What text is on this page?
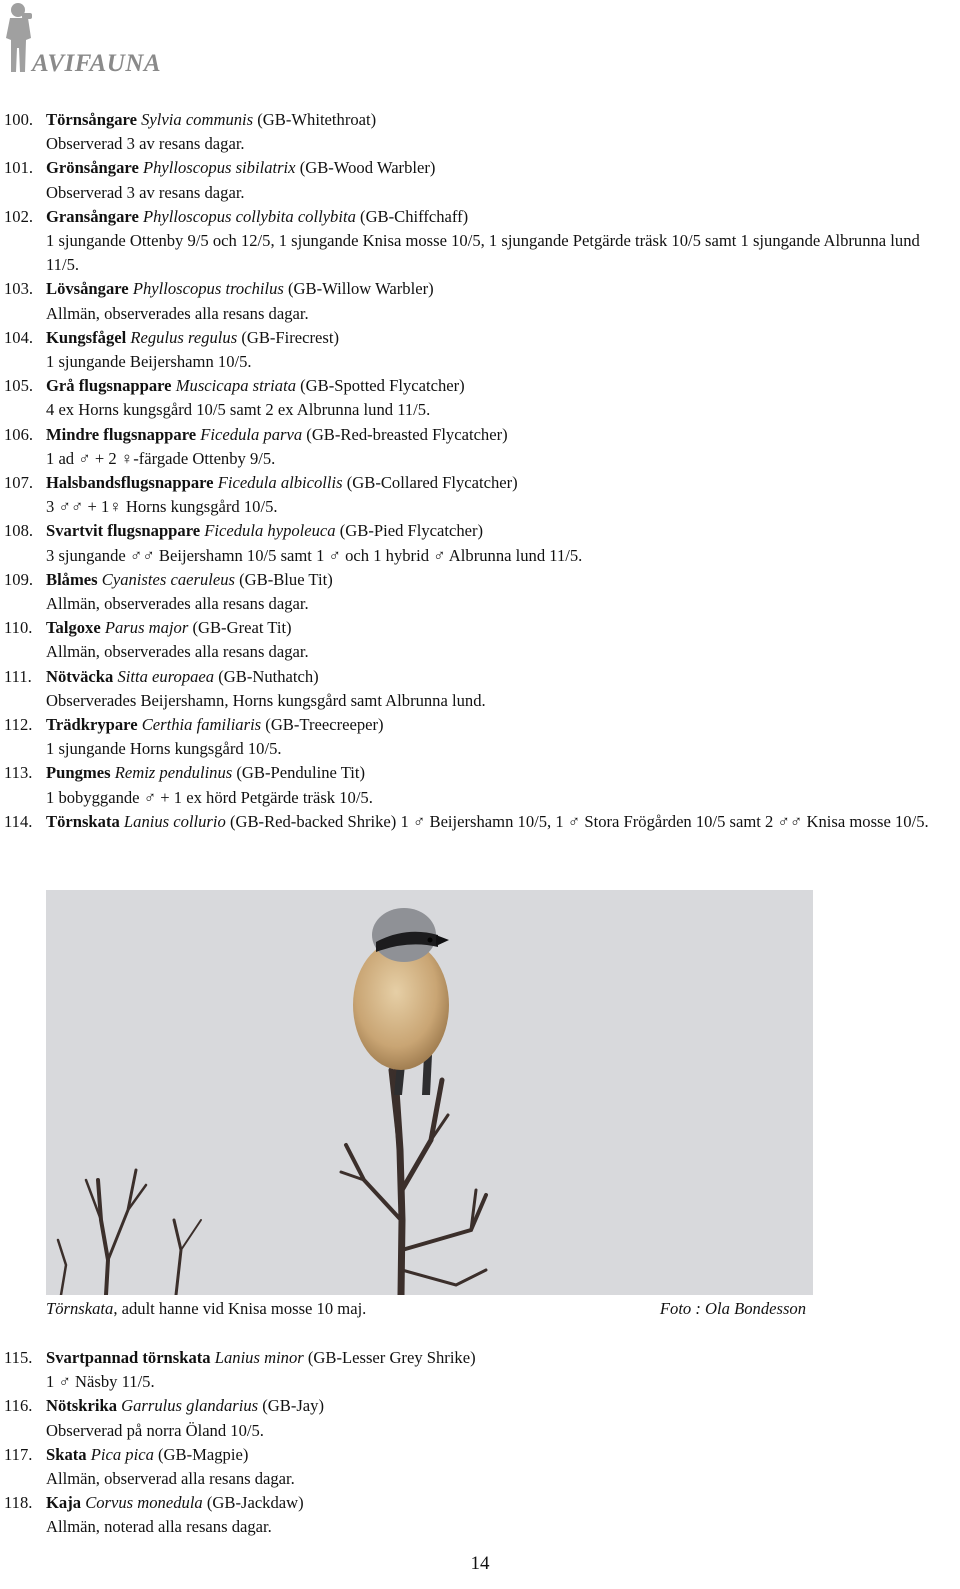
AVIFAUNA
100. Törnsångare Sylvia communis (GB-Whitethroat)
Observerad 3 av resans dagar.
101. Grönsångare Phylloscopus sibilatrix (GB-Wood Warbler)
Observerad 3 av resans dagar.
102. Gransångare Phylloscopus collybita collybita (GB-Chiffchaff)
1 sjungande Ottenby 9/5 och 12/5, 1 sjungande Knisa mosse 10/5, 1 sjungande Petgärde träsk 10/5 samt 1 sjungande Albrunna lund 11/5.
103. Lövsångare Phylloscopus trochilus (GB-Willow Warbler)
Allmän, observerades alla resans dagar.
104. Kungsfågel Regulus regulus (GB-Firecrest)
1 sjungande Beijershamn 10/5.
105. Grå flugsnappare Muscicapa striata (GB-Spotted Flycatcher)
4 ex Horns kungsgård 10/5 samt 2 ex Albrunna lund 11/5.
106. Mindre flugsnappare Ficedula parva (GB-Red-breasted Flycatcher)
1 ad ♂ + 2 ♀-färgade Ottenby 9/5.
107. Halsbandsflugsnappare Ficedula albicollis (GB-Collared Flycatcher)
3 ♂♂ + 1♀ Horns kungsgård 10/5.
108. Svartvit flugsnappare Ficedula hypoleuca (GB-Pied Flycatcher)
3 sjungande ♂♂ Beijershamn 10/5 samt 1 ♂ och 1 hybrid ♂ Albrunna lund 11/5.
109. Blåmes Cyanistes caeruleus (GB-Blue Tit)
Allmän, observerades alla resans dagar.
110. Talgoxe Parus major (GB-Great Tit)
Allmän, observerades alla resans dagar.
111. Nötväcka Sitta europaea (GB-Nuthatch)
Observerades Beijershamn, Horns kungsgård samt Albrunna lund.
112. Trädkrypare Certhia familiaris (GB-Treecreeper)
1 sjungande Horns kungsgård 10/5.
113. Pungmes Remiz pendulinus (GB-Penduline Tit)
1 bobyggande ♂ + 1 ex hörd Petgärde träsk 10/5.
114. Törnskata Lanius collurio (GB-Red-backed Shrike) 1 ♂ Beijershamn 10/5, 1 ♂ Stora Frögården 10/5 samt 2 ♂♂ Knisa mosse 10/5.
Törnskata, adult hanne vid Knisa mosse 10 maj.	Foto : Ola Bondesson
115. Svartpannad törnskata Lanius minor (GB-Lesser Grey Shrike)
1 ♂ Näsby 11/5.
116. Nötskrika Garrulus glandarius (GB-Jay)
Observerad på norra Öland 10/5.
117. Skata Pica pica (GB-Magpie)
Allmän, observerad alla resans dagar.
118. Kaja Corvus monedula (GB-Jackdaw)
Allmän, noterad alla resans dagar.
14
